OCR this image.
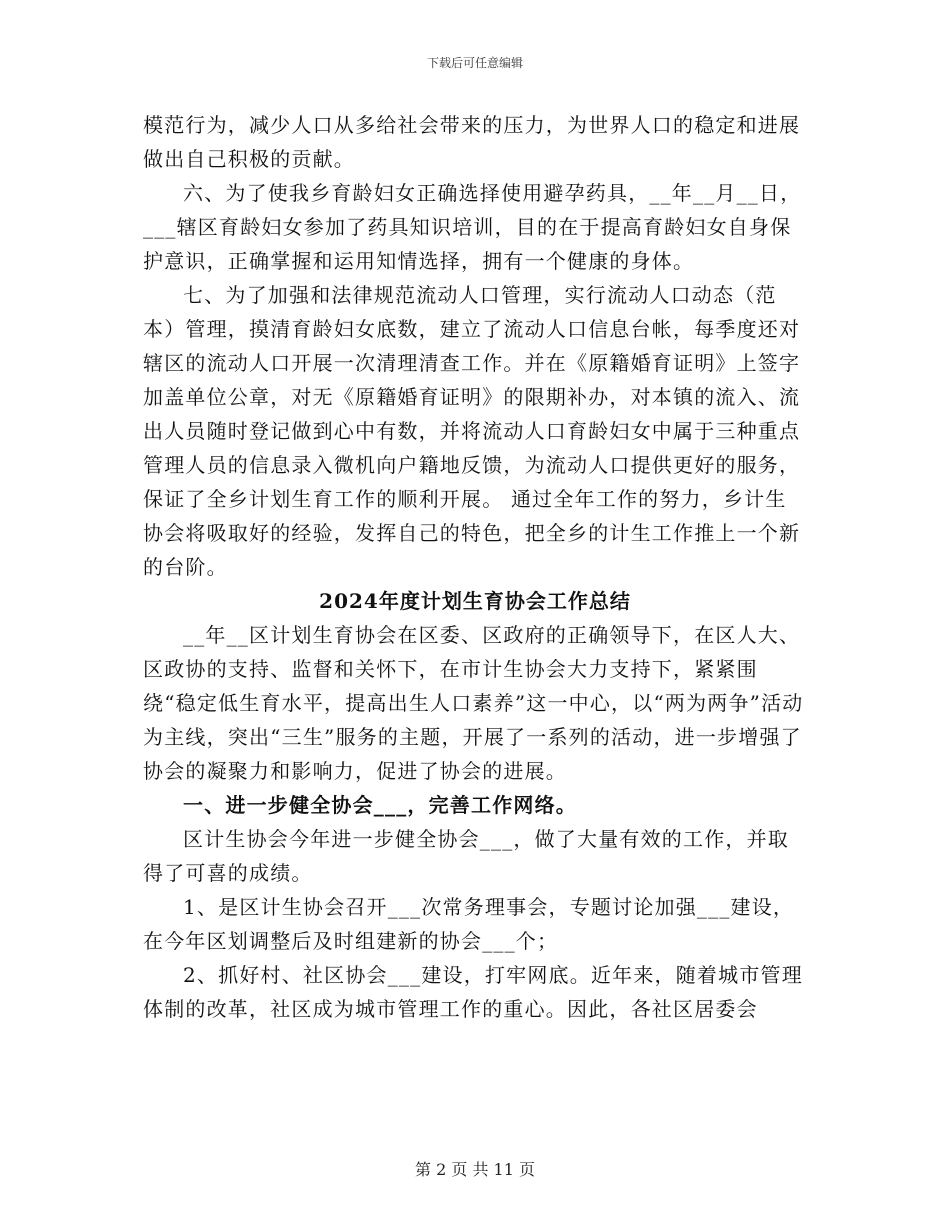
下载后可任意编辑

模范行为，减少人口从多给社会带来的压力，为世界人口的稳定和进展做出自己积极的贡献。

六、为了使我乡育龄妇女正确选择使用避孕药具，__年__月__日，___辖区育龄妇女参加了药具知识培训，目的在于提高育龄妇女自身保护意识，正确掌握和运用知情选择，拥有一个健康的身体。

七、为了加强和法律规范流动人口管理，实行流动人口动态（范本）管理，摸清育龄妇女底数，建立了流动人口信息台帐，每季度还对辖区的流动人口开展一次清理清查工作。并在《原籍婚育证明》上签字加盖单位公章，对无《原籍婚育证明》的限期补办，对本镇的流入、流出人员随时登记做到心中有数，并将流动人口育龄妇女中属于三种重点管理人员的信息录入微机向户籍地反馈，为流动人口提供更好的服务，保证了全乡计划生育工作的顺利开展。 通过全年工作的努力，乡计生协会将吸取好的经验，发挥自己的特色，把全乡的计生工作推上一个新的台阶。

2024年度计划生育协会工作总结

__年__区计划生育协会在区委、区政府的正确领导下，在区人大、区政协的支持、监督和关怀下，在市计生协会大力支持下，紧紧围绕“稳定低生育水平，提高出生人口素养”这一中心，以“两为两争”活动为主线，突出“三生”服务的主题，开展了一系列的活动，进一步增强了协会的凝聚力和影响力，促进了协会的进展。

一、进一步健全协会___，完善工作网络。

区计生协会今年进一步健全协会___，做了大量有效的工作，并取得了可喜的成绩。

1、是区计生协会召开___次常务理事会，专题讨论加强___建设，在今年区划调整后及时组建新的协会___个；

2、抓好村、社区协会___建设，打牢网底。近年来，随着城市管理体制的改革，社区成为城市管理工作的重心。因此，各社区居委会

第 2 页 共 11 页
